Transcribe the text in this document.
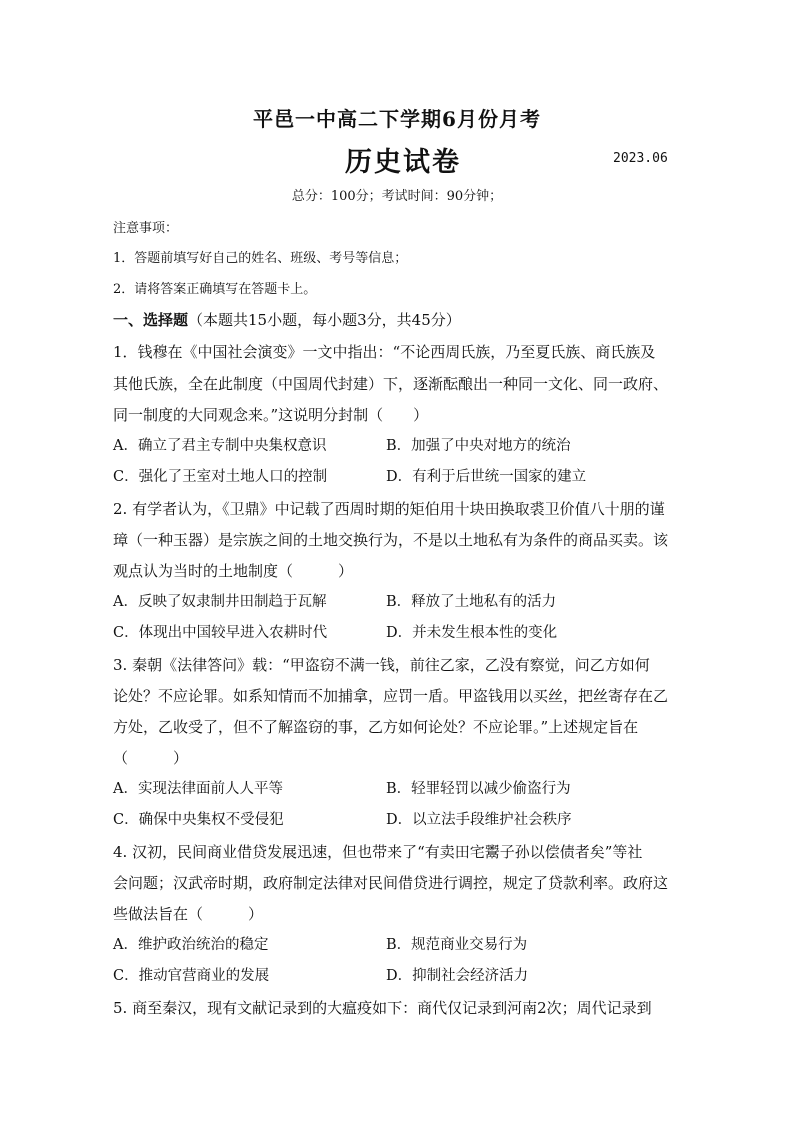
平邑一中高二下学期6月份月考
历史试卷	2023.06
总分：100分；考试时间：90分钟；
注意事项：
1．答题前填写好自己的姓名、班级、考号等信息；
2．请将答案正确填写在答题卡上。
一、选择题（本题共15小题，每小题3分，共45分）
1．钱穆在《中国社会演变》一文中指出：“不论西周氏族，乃至夏氏族、商氏族及
其他氏族，全在此制度（中国周代封建）下，逐渐酝酿出一种同一文化、同一政府、
同一制度的大同观念来。”这说明分封制（　　）
A．确立了君主专制中央集权意识	B．加强了中央对地方的统治
C．强化了王室对土地人口的控制	D．有利于后世统一国家的建立
2. 有学者认为，《卫鼎》中记载了西周时期的矩伯用十块田换取裘卫价值八十朋的谨
璋（一种玉器）是宗族之间的土地交换行为，不是以土地私有为条件的商品买卖。该
观点认为当时的土地制度（　　　）
A．反映了奴隶制井田制趋于瓦解	B．释放了土地私有的活力
C．体现出中国较早进入农耕时代	D．并未发生根本性的变化
3. 秦朝《法律答问》载：“甲盗窃不满一钱，前往乙家，乙没有察觉，问乙方如何
论处？不应论罪。如系知情而不加捕拿，应罚一盾。甲盗钱用以买丝，把丝寄存在乙
方处，乙收受了，但不了解盗窃的事，乙方如何论处？不应论罪。”上述规定旨在
（　　　）
A．实现法律面前人人平等	B．轻罪轻罚以减少偷盗行为
C．确保中央集权不受侵犯	D．以立法手段维护社会秩序
4. 汉初，民间商业借贷发展迅速，但也带来了“有卖田宅鬻子孙以偿债者矣”等社
会问题；汉武帝时期，政府制定法律对民间借贷进行调控，规定了贷款利率。政府这
些做法旨在（　　　）
A．维护政治统治的稳定	B．规范商业交易行为
C．推动官营商业的发展	D．抑制社会经济活力
5. 商至秦汉，现有文献记录到的大瘟疫如下：商代仅记录到河南2次；周代记录到
